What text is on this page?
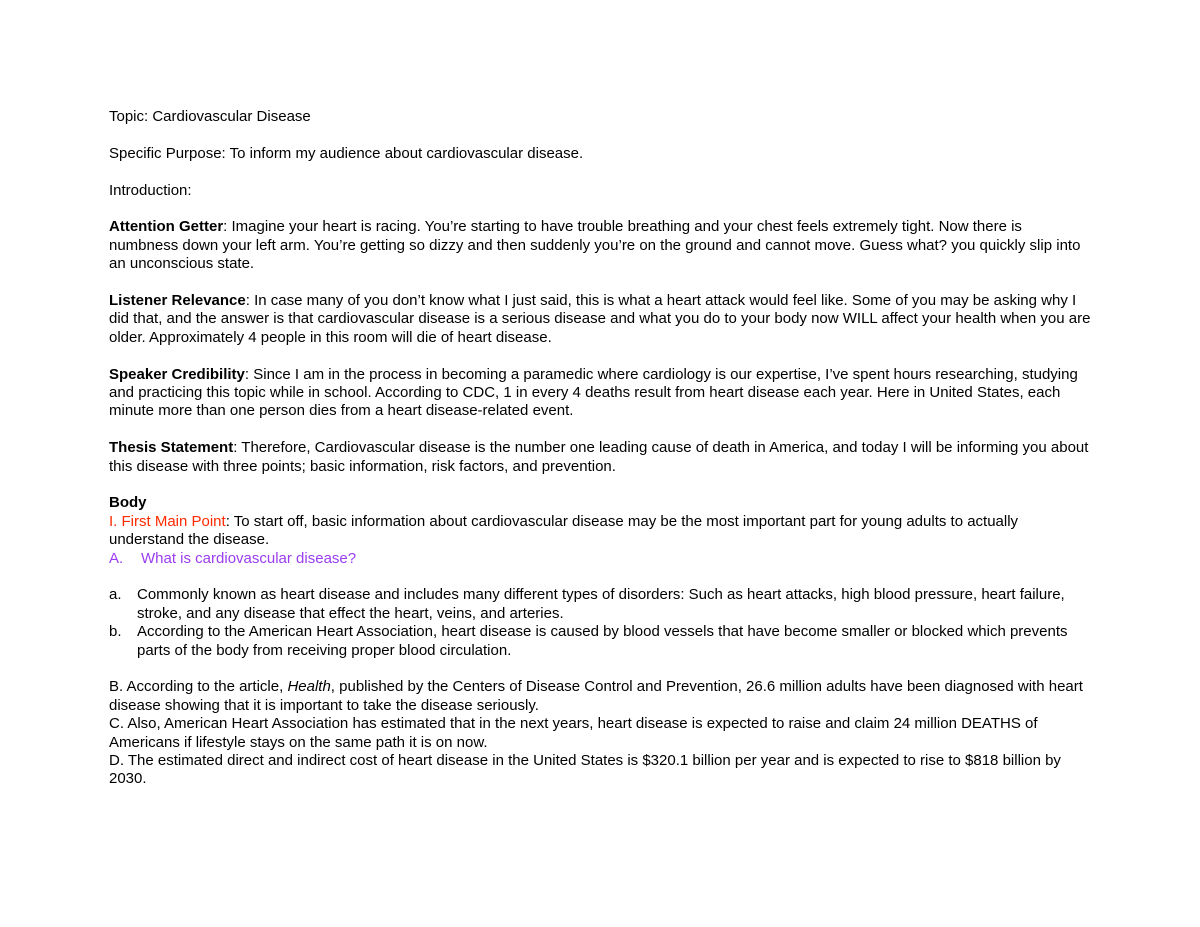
Topic: Cardiovascular Disease

Specific Purpose: To inform my audience about cardiovascular disease.

Introduction:

Attention Getter: Imagine your heart is racing. You’re starting to have trouble breathing and your chest feels extremely tight. Now there is numbness down your left arm. You’re getting so dizzy and then suddenly you’re on the ground and cannot move. Guess what? you quickly slip into an unconscious state.

Listener Relevance: In case many of you don’t know what I just said, this is what a heart attack would feel like. Some of you may be asking why I did that, and the answer is that cardiovascular disease is a serious disease and what you do to your body now WILL affect your health when you are older. Approximately 4 people in this room will die of heart disease.

Speaker Credibility: Since I am in the process in becoming a paramedic where cardiology is our expertise, I’ve spent hours researching, studying and practicing this topic while in school. According to CDC, 1 in every 4 deaths result from heart disease each year. Here in United States, each minute more than one person dies from a heart disease-related event.

Thesis Statement: Therefore, Cardiovascular disease is the number one leading cause of death in America, and today I will be informing you about this disease with three points; basic information, risk factors, and prevention.

Body

I. First Main Point: To start off, basic information about cardiovascular disease may be the most important part for young adults to actually understand the disease.

A. What is cardiovascular disease?

a. Commonly known as heart disease and includes many different types of disorders: Such as heart attacks, high blood pressure, heart failure, stroke, and any disease that effect the heart, veins, and arteries.
b. According to the American Heart Association, heart disease is caused by blood vessels that have become smaller or blocked which prevents parts of the body from receiving proper blood circulation.

B. According to the article, Health, published by the Centers of Disease Control and Prevention, 26.6 million adults have been diagnosed with heart disease showing that it is important to take the disease seriously.

C. Also, American Heart Association has estimated that in the next years, heart disease is expected to raise and claim 24 million DEATHS of Americans if lifestyle stays on the same path it is on now.

D. The estimated direct and indirect cost of heart disease in the United States is $320.1 billion per year and is expected to rise to $818 billion by 2030.
